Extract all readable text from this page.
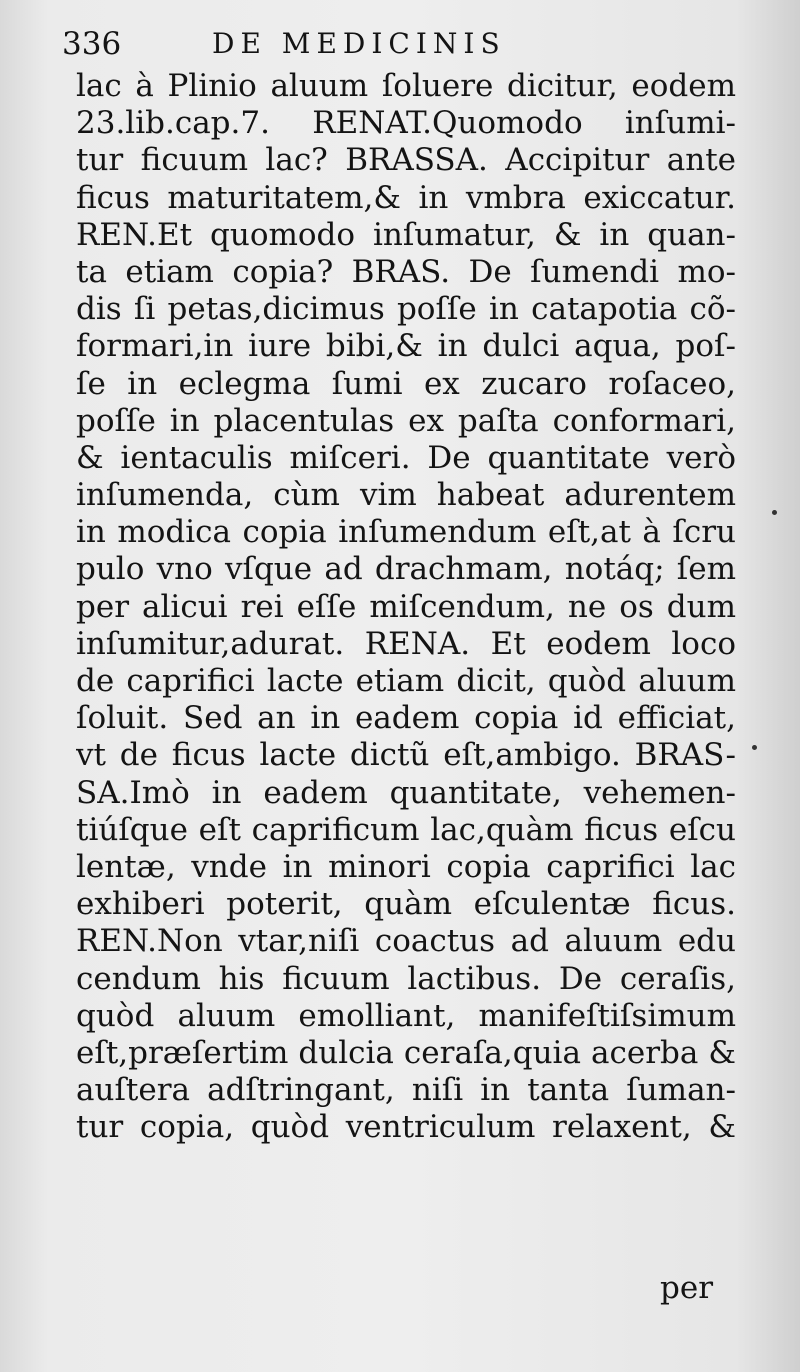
336	DE MEDICINIS
lac à Plinio aluum ſoluere dicitur, eodem
23.lib.cap.7. RENAT.Quomodo inſumi-
tur ficuum lac? BRASSA. Accipitur ante
ficus maturitatem,& in vmbra exiccatur.
REN.Et quomodo inſumatur, & in quan-
ta etiam copia? BRAS. De ſumendi mo-
dis ſi petas,dicimus poſſe in catapotia cõ-
formari,in iure bibi,& in dulci aqua, poſ-
ſe in eclegma ſumi ex zucaro roſaceo,
poſſe in placentulas ex paſta conformari,
& ientaculis miſceri. De quantitate verò
inſumenda, cùm vim habeat adurentem
in modica copia inſumendum eſt,at à ſcru
pulo vno vſque ad drachmam, notáq; ſem
per alicui rei eſſe miſcendum, ne os dum
inſumitur,adurat. RENA. Et eodem loco
de caprifici lacte etiam dicit, quòd aluum
ſoluit. Sed an in eadem copia id efficiat,
vt de ficus lacte dictũ eſt,ambigo. BRAS-
SA.Imò in eadem quantitate, vehemen-
tiúſque eſt caprificum lac,quàm ficus eſcu
lentæ, vnde in minori copia caprifici lac
exhiberi poterit, quàm eſculentæ ficus.
REN.Non vtar,niſi coactus ad aluum edu
cendum his ficuum lactibus. De ceraſis,
quòd aluum emolliant, manifeſtiſsimum
eſt,præſertim dulcia ceraſa,quia acerba &
auſtera adſtringant, niſi in tanta ſuman-
tur copia, quòd ventriculum relaxent, &
per
